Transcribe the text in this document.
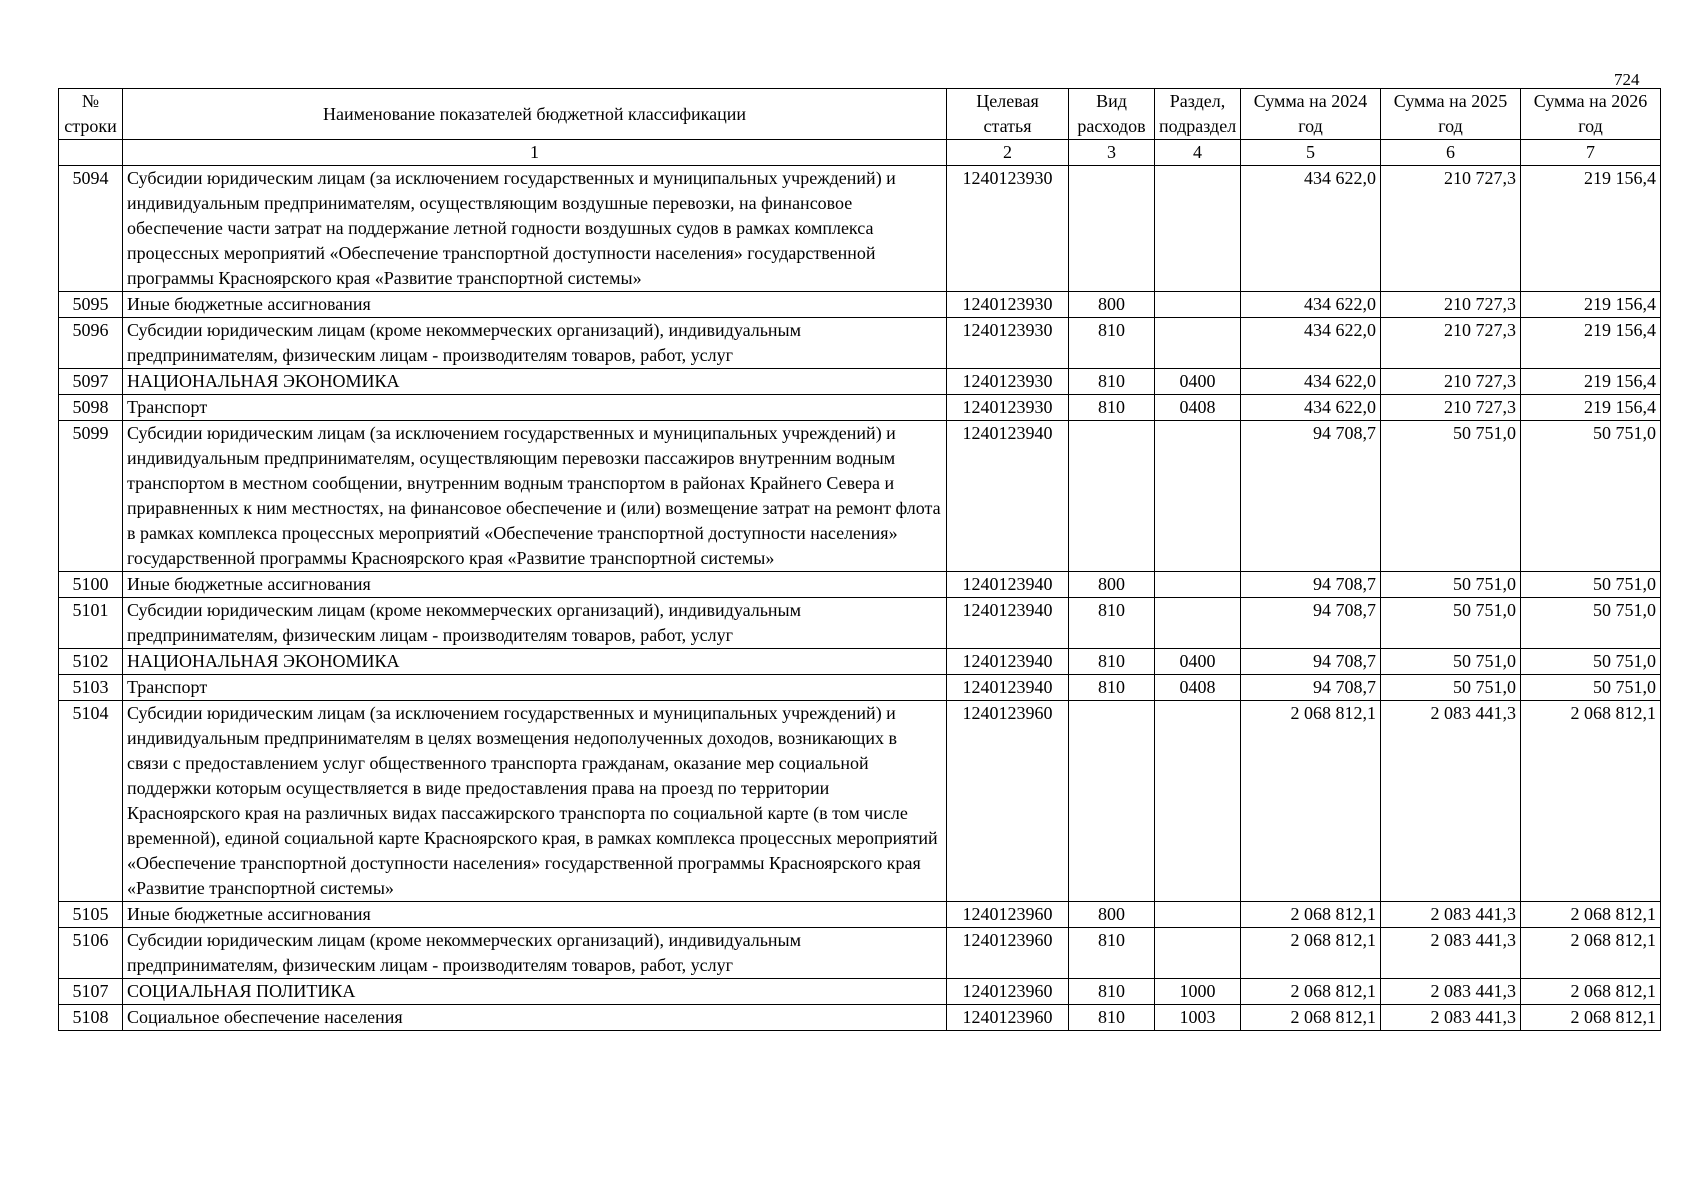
724
№ строки	Наименование показателей бюджетной классификации	Целевая статья	Вид расходов	Раздел, подраздел	Сумма на 2024 год	Сумма на 2025 год	Сумма на 2026 год
	1	2	3	4	5	6	7
5094	Субсидии юридическим лицам (за исключением государственных и муниципальных учреждений) и индивидуальным предпринимателям, осуществляющим воздушные перевозки, на финансовое обеспечение части затрат на поддержание летной годности воздушных судов в рамках комплекса процессных мероприятий «Обеспечение транспортной доступности населения» государственной программы Красноярского края «Развитие транспортной системы»	1240123930			434 622,0	210 727,3	219 156,4
5095	Иные бюджетные ассигнования	1240123930	800		434 622,0	210 727,3	219 156,4
5096	Субсидии юридическим лицам (кроме некоммерческих организаций), индивидуальным предпринимателям, физическим лицам - производителям товаров, работ, услуг	1240123930	810		434 622,0	210 727,3	219 156,4
5097	НАЦИОНАЛЬНАЯ ЭКОНОМИКА	1240123930	810	0400	434 622,0	210 727,3	219 156,4
5098	Транспорт	1240123930	810	0408	434 622,0	210 727,3	219 156,4
5099	Субсидии юридическим лицам (за исключением государственных и муниципальных учреждений) и индивидуальным предпринимателям, осуществляющим перевозки пассажиров внутренним водным транспортом в местном сообщении, внутренним водным транспортом в районах Крайнего Севера и приравненных к ним местностях, на финансовое обеспечение и (или) возмещение затрат на ремонт флота в рамках комплекса процессных мероприятий «Обеспечение транспортной доступности населения» государственной программы Красноярского края «Развитие транспортной системы»	1240123940			94 708,7	50 751,0	50 751,0
5100	Иные бюджетные ассигнования	1240123940	800		94 708,7	50 751,0	50 751,0
5101	Субсидии юридическим лицам (кроме некоммерческих организаций), индивидуальным предпринимателям, физическим лицам - производителям товаров, работ, услуг	1240123940	810		94 708,7	50 751,0	50 751,0
5102	НАЦИОНАЛЬНАЯ ЭКОНОМИКА	1240123940	810	0400	94 708,7	50 751,0	50 751,0
5103	Транспорт	1240123940	810	0408	94 708,7	50 751,0	50 751,0
5104	Субсидии юридическим лицам (за исключением государственных и муниципальных учреждений) и индивидуальным предпринимателям в целях возмещения недополученных доходов, возникающих в связи с предоставлением услуг общественного транспорта гражданам, оказание мер социальной поддержки которым осуществляется в виде предоставления права на проезд по территории Красноярского края на различных видах пассажирского транспорта по социальной карте (в том числе временной), единой социальной карте Красноярского края, в рамках комплекса процессных мероприятий «Обеспечение транспортной доступности населения» государственной программы Красноярского края «Развитие транспортной системы»	1240123960			2 068 812,1	2 083 441,3	2 068 812,1
5105	Иные бюджетные ассигнования	1240123960	800		2 068 812,1	2 083 441,3	2 068 812,1
5106	Субсидии юридическим лицам (кроме некоммерческих организаций), индивидуальным предпринимателям, физическим лицам - производителям товаров, работ, услуг	1240123960	810		2 068 812,1	2 083 441,3	2 068 812,1
5107	СОЦИАЛЬНАЯ ПОЛИТИКА	1240123960	810	1000	2 068 812,1	2 083 441,3	2 068 812,1
5108	Социальное обеспечение населения	1240123960	810	1003	2 068 812,1	2 083 441,3	2 068 812,1
